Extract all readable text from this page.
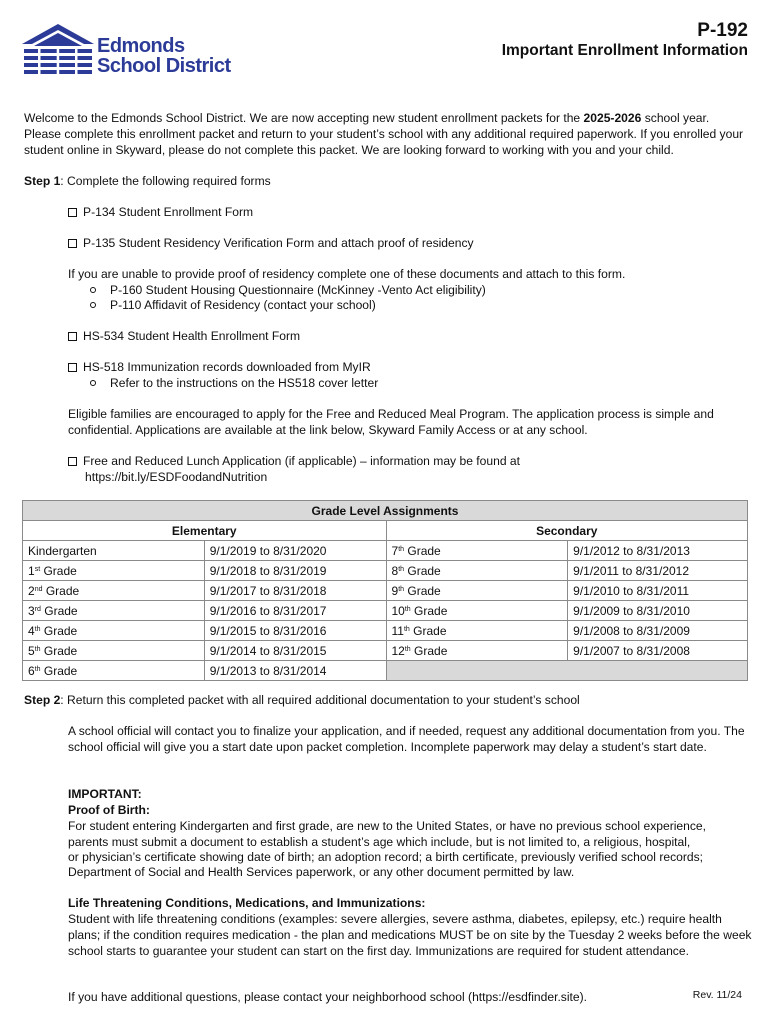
Edmonds
School District
P-192
Important Enrollment Information
Welcome to the Edmonds School District. We are now accepting new student enrollment packets for the 2025-2026 school year. Please complete this enrollment packet and return to your student’s school with any additional required paperwork. If you enrolled your student online in Skyward, please do not complete this packet. We are looking forward to working with you and your child.
Step 1: Complete the following required forms
P-134 Student Enrollment Form
P-135 Student Residency Verification Form and attach proof of residency
If you are unable to provide proof of residency complete one of these documents and attach to this form.
P-160 Student Housing Questionnaire (McKinney -Vento Act eligibility)
P-110 Affidavit of Residency (contact your school)
HS-534 Student Health Enrollment Form
HS-518 Immunization records downloaded from MyIR
Refer to the instructions on the HS518 cover letter
Eligible families are encouraged to apply for the Free and Reduced Meal Program. The application process is simple and confidential. Applications are available at the link below, Skyward Family Access or at any school.
Free and Reduced Lunch Application (if applicable) – information may be found at
https://bit.ly/ESDFoodandNutrition
Grade Level Assignments			
Elementary		Secondary	
Kindergarten	9/1/2019 to 8/31/2020	7th Grade	9/1/2012 to 8/31/2013
1st Grade	9/1/2018 to 8/31/2019	8th Grade	9/1/2011 to 8/31/2012
2nd Grade	9/1/2017 to 8/31/2018	9th Grade	9/1/2010 to 8/31/2011
3rd Grade	9/1/2016 to 8/31/2017	10th Grade	9/1/2009 to 8/31/2010
4th Grade	9/1/2015 to 8/31/2016	11th Grade	9/1/2008 to 8/31/2009
5th Grade	9/1/2014 to 8/31/2015	12th Grade	9/1/2007 to 8/31/2008
6th Grade	9/1/2013 to 8/31/2014		
Step 2: Return this completed packet with all required additional documentation to your student’s school
A school official will contact you to finalize your application, and if needed, request any additional documentation from you. The school official will give you a start date upon packet completion. Incomplete paperwork may delay a student’s start date.
IMPORTANT:
Proof of Birth:
For student entering Kindergarten and first grade, are new to the United States, or have no previous school experience,
parents must submit a document to establish a student’s age which include, but is not limited to, a religious, hospital,
or physician’s certificate showing date of birth; an adoption record; a birth certificate, previously verified school records;
Department of Social and Health Services paperwork, or any other document permitted by law.
Life Threatening Conditions, Medications, and Immunizations:
Student with life threatening conditions (examples: severe allergies, severe asthma, diabetes, epilepsy, etc.) require health plans; if the condition requires medication - the plan and medications MUST be on site by the Tuesday 2 weeks before the week school starts to guarantee your student can start on the first day. Immunizations are required for student attendance.
If you have additional questions, please contact your neighborhood school (https://esdfinder.site).	Rev. 11/24
